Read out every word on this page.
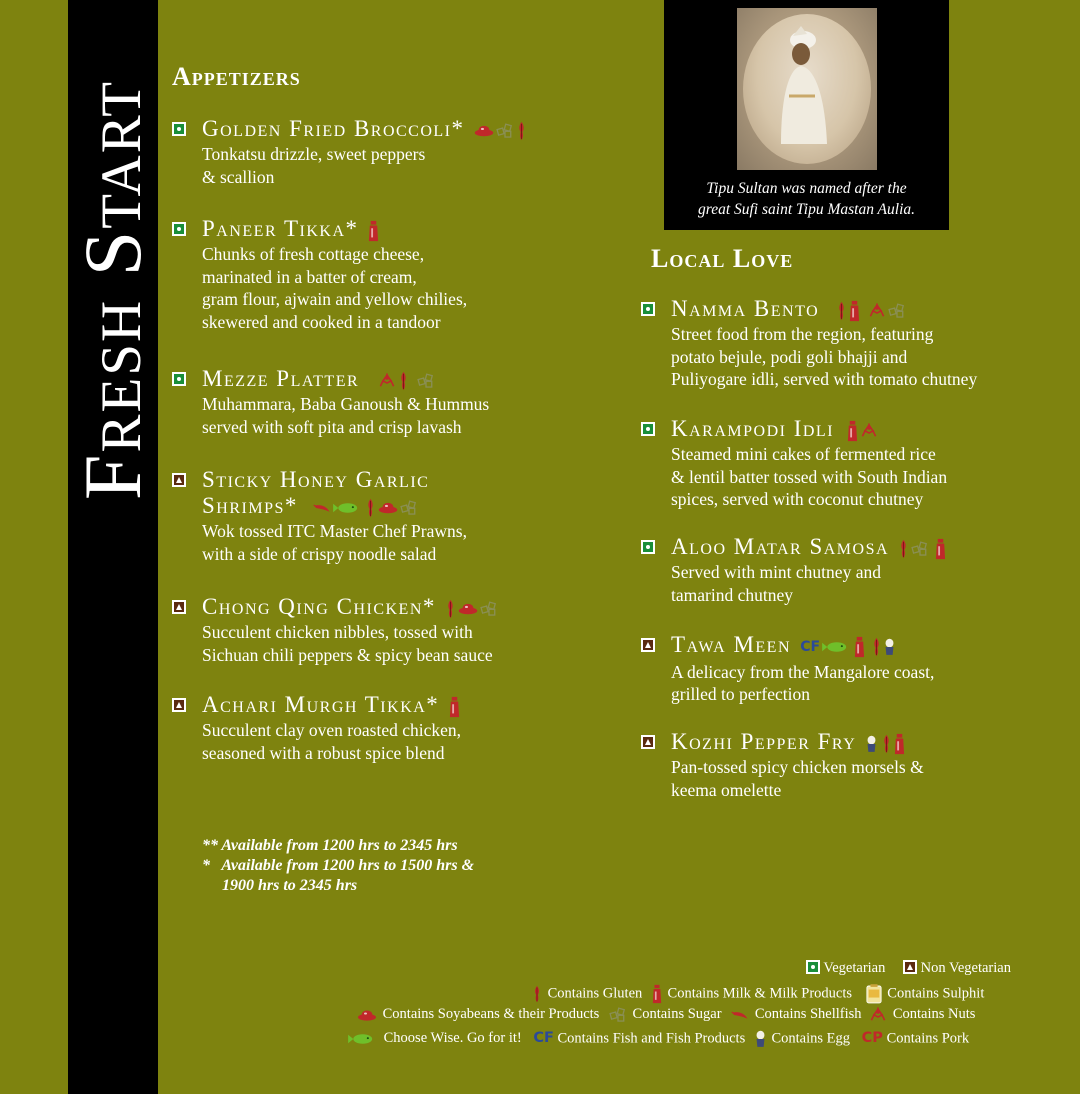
Fresh Start
Appetizers
Golden Fried Broccoli*
Tonkatsu drizzle, sweet peppers
& scallion
Paneer Tikka*
Chunks of fresh cottage cheese,
marinated in a batter of cream,
gram flour, ajwain and yellow chilies,
skewered and cooked in a tandoor
Mezze Platter
Muhammara, Baba Ganoush & Hummus
served with soft pita and crisp lavash
Sticky Honey Garlic
Shrimps*
Wok tossed ITC Master Chef Prawns,
with a side of crispy noodle salad
Chong Qing Chicken*
Succulent chicken nibbles, tossed with
Sichuan chili peppers & spicy bean sauce
Achari Murgh Tikka*
Succulent clay oven roasted chicken,
seasoned with a robust spice blend
** Available from 1200 hrs to 2345 hrs
*   Available from 1200 hrs to 1500 hrs &
1900 hrs to 2345 hrs
Tipu Sultan was named after the
great Sufi saint Tipu Mastan Aulia.
Local Love
Namma Bento
Street food from the region, featuring
potato bejule, podi goli bhajji and
Puliyogare idli, served with tomato chutney
Karampodi Idli
Steamed mini cakes of fermented rice
& lentil batter tossed with South Indian
spices, served with coconut chutney
Aloo Matar Samosa
Served with mint chutney and
tamarind chutney
Tawa Meen CF
A delicacy from the Mangalore coast,
grilled to perfection
Kozhi Pepper Fry
Pan-tossed spicy chicken morsels &
keema omelette
Vegetarian Non Vegetarian
Contains Gluten Contains Milk & Milk Products Contains Sulphit
Contains Soyabeans & their Products Contains Sugar Contains Shellfish Contains Nuts
Choose Wise. Go for it! CF Contains Fish and Fish Products Contains Egg CP Contains Pork
